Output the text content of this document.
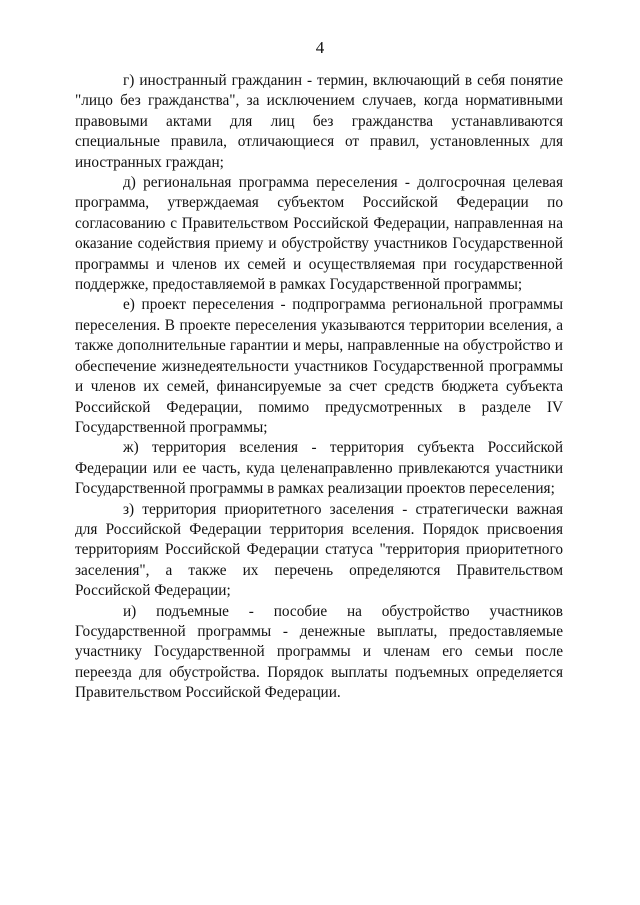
4

г) иностранный гражданин - термин, включающий в себя понятие "лицо без гражданства", за исключением случаев, когда нормативными правовыми актами для лиц без гражданства устанавливаются специальные правила, отличающиеся от правил, установленных для иностранных граждан;

д) региональная программа переселения - долгосрочная целевая программа, утверждаемая субъектом Российской Федерации по согласованию с Правительством Российской Федерации, направленная на оказание содействия приему и обустройству участников Государственной программы и членов их семей и осуществляемая при государственной поддержке, предоставляемой в рамках Государственной программы;

е) проект переселения - подпрограмма региональной программы переселения. В проекте переселения указываются территории вселения, а также дополнительные гарантии и меры, направленные на обустройство и обеспечение жизнедеятельности участников Государственной программы и членов их семей, финансируемые за счет средств бюджета субъекта Российской Федерации, помимо предусмотренных в разделе IV Государственной программы;

ж) территория вселения - территория субъекта Российской Федерации или ее часть, куда целенаправленно привлекаются участники Государственной программы в рамках реализации проектов переселения;

з) территория приоритетного заселения - стратегически важная для Российской Федерации территория вселения. Порядок присвоения территориям Российской Федерации статуса "территория приоритетного заселения", а также их перечень определяются Правительством Российской Федерации;

и) подъемные - пособие на обустройство участников Государственной программы - денежные выплаты, предоставляемые участнику Государственной программы и членам его семьи после переезда для обустройства. Порядок выплаты подъемных определяется Правительством Российской Федерации.
